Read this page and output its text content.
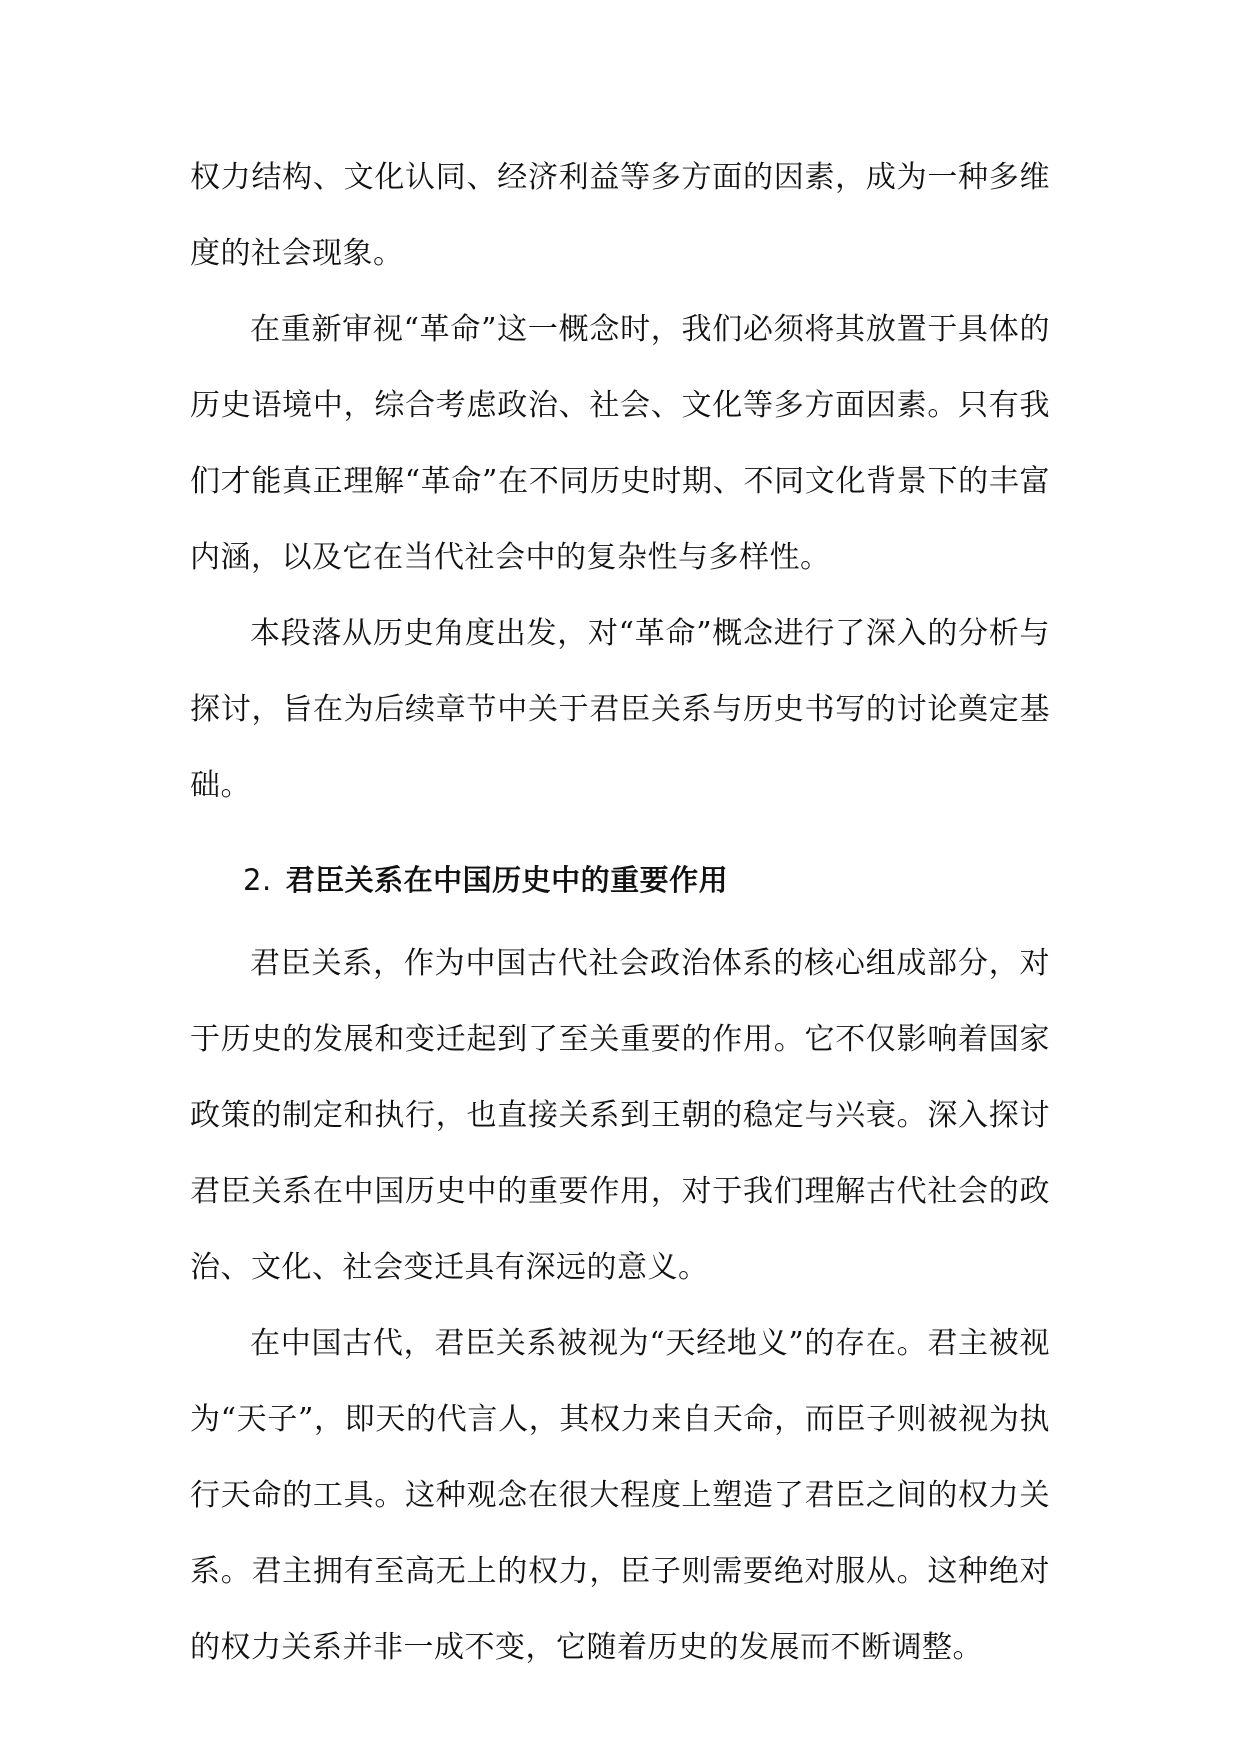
权力结构、文化认同、经济利益等多方面的因素，成为一种多维度的社会现象。

在重新审视“革命”这一概念时，我们必须将其放置于具体的历史语境中，综合考虑政治、社会、文化等多方面因素。只有我们才能真正理解“革命”在不同历史时期、不同文化背景下的丰富内涵，以及它在当代社会中的复杂性与多样性。

本段落从历史角度出发，对“革命”概念进行了深入的分析与探讨，旨在为后续章节中关于君臣关系与历史书写的讨论奠定基础。

2. 君臣关系在中国历史中的重要作用

君臣关系，作为中国古代社会政治体系的核心组成部分，对于历史的发展和变迁起到了至关重要的作用。它不仅影响着国家政策的制定和执行，也直接关系到王朝的稳定与兴衰。深入探讨君臣关系在中国历史中的重要作用，对于我们理解古代社会的政治、文化、社会变迁具有深远的意义。

在中国古代，君臣关系被视为“天经地义”的存在。君主被视为“天子”，即天的代言人，其权力来自天命，而臣子则被视为执行天命的工具。这种观念在很大程度上塑造了君臣之间的权力关系。君主拥有至高无上的权力，臣子则需要绝对服从。这种绝对的权力关系并非一成不变，它随着历史的发展而不断调整。
